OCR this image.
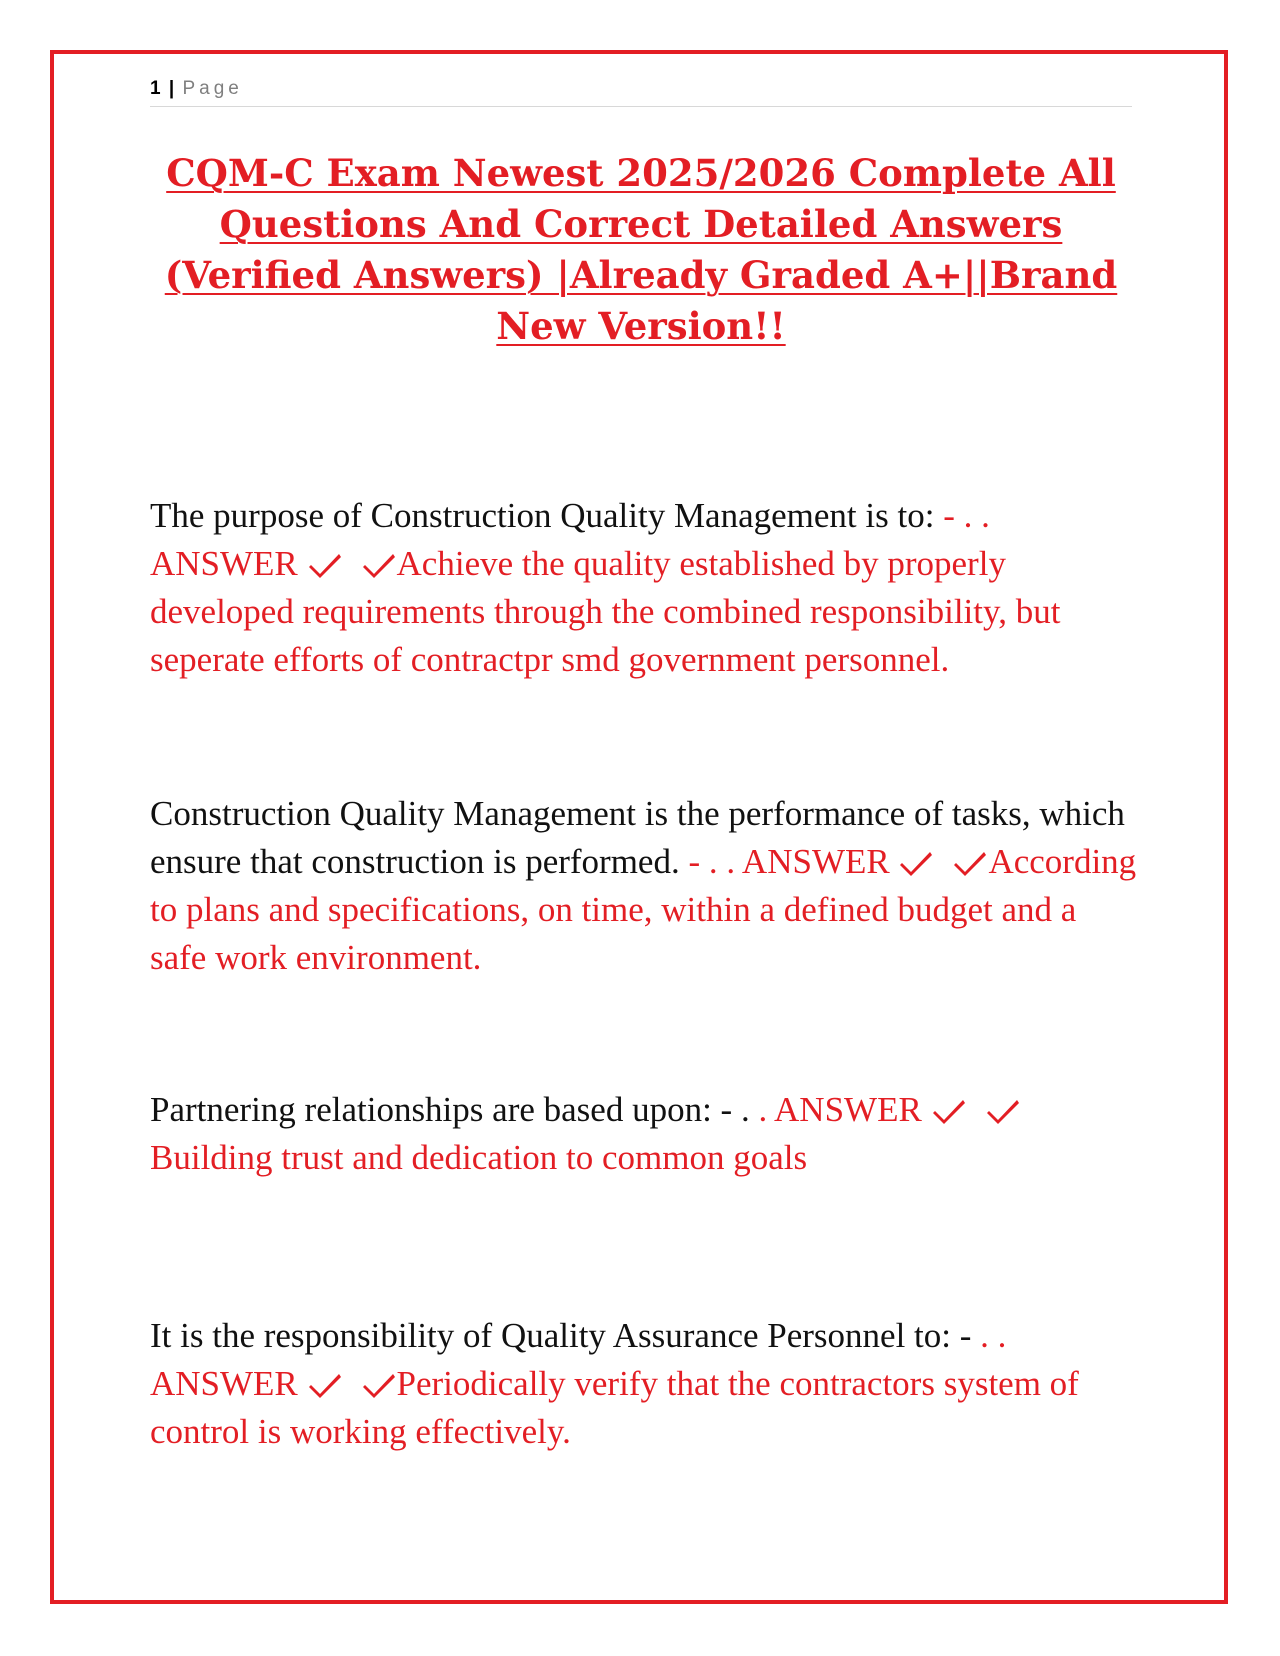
1 | Page
CQM-C Exam Newest 2025/2026 Complete All Questions And Correct Detailed Answers (Verified Answers) |Already Graded A+||Brand New Version!!

The purpose of Construction Quality Management is to: - . . ANSWER	Achieve the quality established by properly developed requirements through the combined responsibility, but seperate efforts of contractpr smd government personnel.

Construction Quality Management is the performance of tasks, which ensure that construction is performed. - . . ANSWER	According to plans and specifications, on time, within a defined budget and a safe work environment.

Partnering relationships are based upon: - . . ANSWER
Building trust and dedication to common goals

It is the responsibility of Quality Assurance Personnel to: - . . ANSWER	Periodically verify that the contractors system of control is working effectively.
